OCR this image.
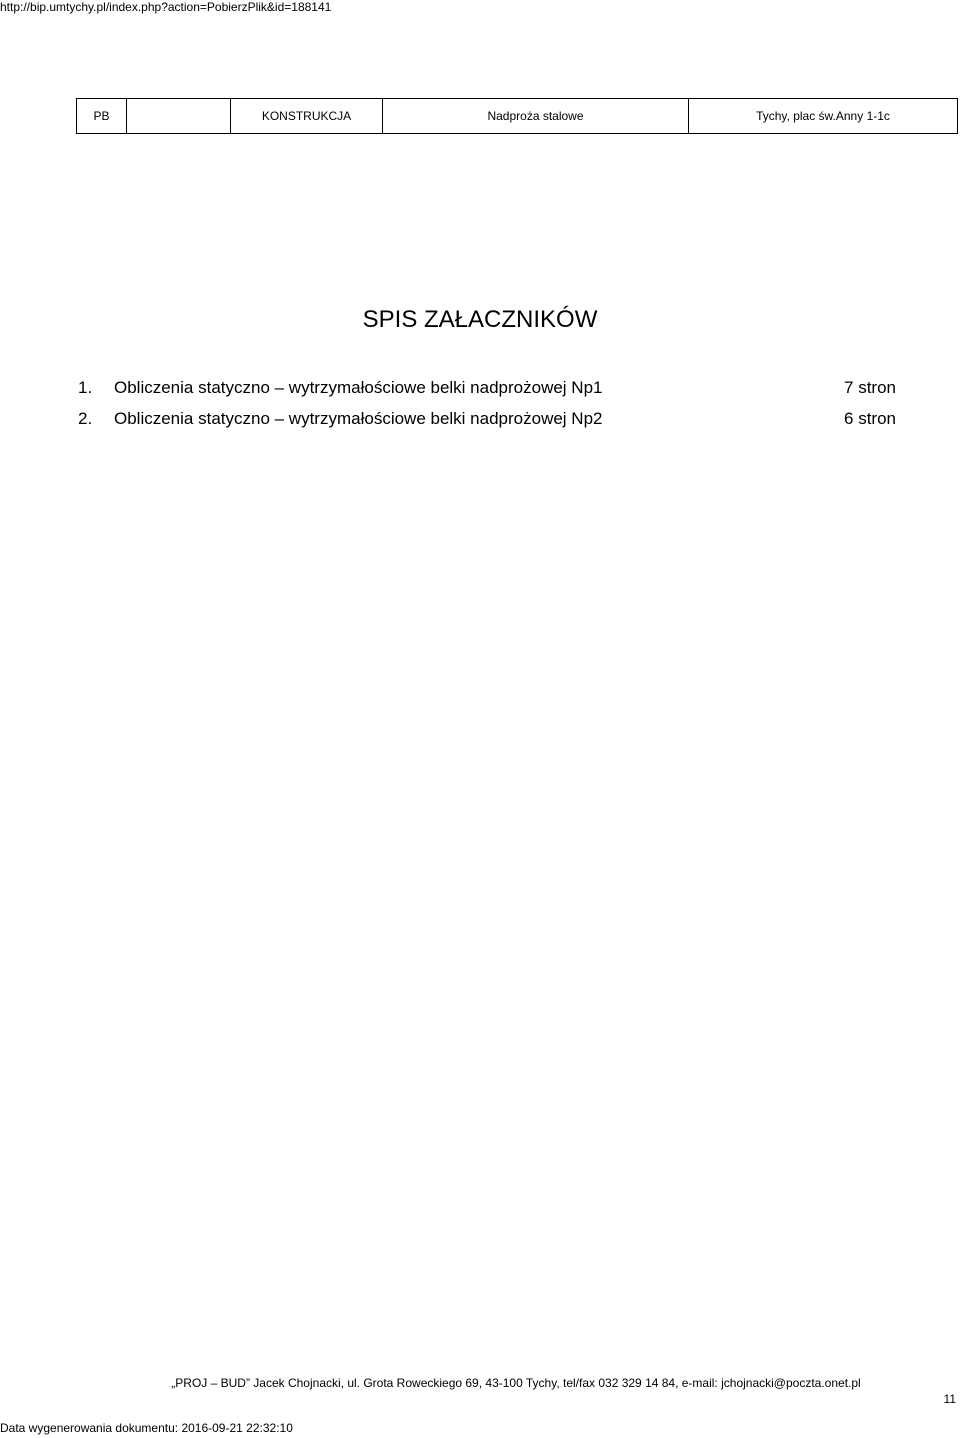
http://bip.umtychy.pl/index.php?action=PobierzPlik&id=188141
PB		KONSTRUKCJA	Nadproża stalowe	Tychy, plac św.Anny 1-1c
SPIS ZAŁACZNIKÓW
1. Obliczenia statyczno – wytrzymałościowe belki nadprożowej Np1	7 stron
2. Obliczenia statyczno – wytrzymałościowe belki nadprożowej Np2	6 stron
„PROJ – BUD” Jacek Chojnacki, ul. Grota Roweckiego 69, 43-100 Tychy, tel/fax 032 329 14 84, e-mail: jchojnacki@poczta.onet.pl
11
Data wygenerowania dokumentu: 2016-09-21 22:32:10
